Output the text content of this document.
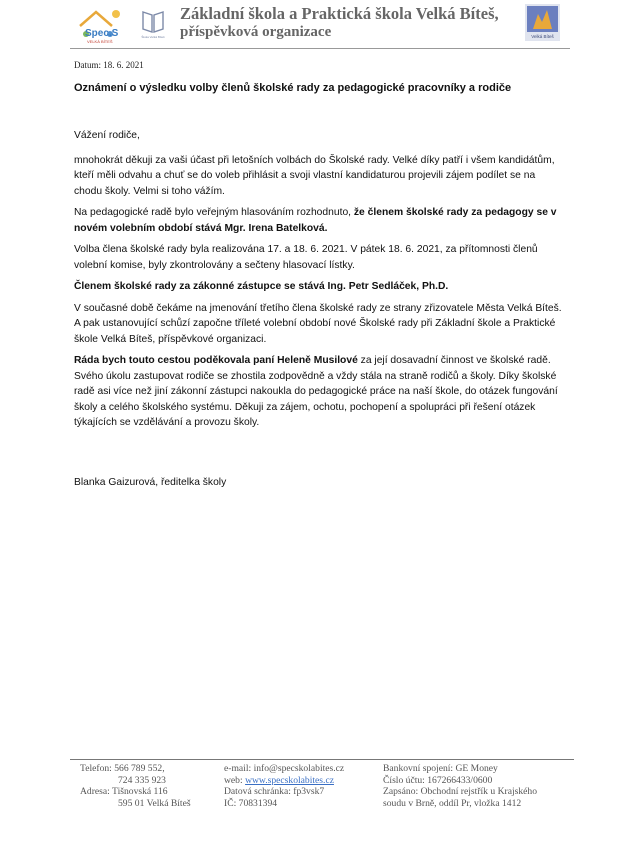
Spec.S
VELKÁ BÍTEŠ
Škola Velká Bíteš
Základní škola a Praktická škola Velká Bíteš,
příspěvková organizace	Velká Bíteš
Datum: 18. 6. 2021
Oznámení o výsledku volby členů školské rady za pedagogické pracovníky a rodiče

Vážení rodiče,

mnohokrát děkuji za vaši účast při letošních volbách do Školské rady. Velké díky patří i všem kandidátům, kteří měli odvahu a chuť se do voleb přihlásit a svoji vlastní kandidaturou projevili zájem podílet se na chodu školy. Velmi si toho vážím.

Na pedagogické radě bylo veřejným hlasováním rozhodnuto, že členem školské rady za pedagogy se v novém volebním období stává Mgr. Irena Batelková.

Volba člena školské rady byla realizována 17. a 18. 6. 2021. V pátek 18. 6. 2021, za přítomnosti členů volební komise, byly zkontrolovány a sečteny hlasovací lístky.

Členem školské rady za zákonné zástupce se stává Ing. Petr Sedláček, Ph.D.

V současné době čekáme na jmenování třetího člena školské rady ze strany zřizovatele Města Velká Bíteš. A pak ustanovující schůzí započne tříleté volební období nové Školské rady při Základní škole a Praktické škole Velká Bíteš, příspěvkové organizaci.

Ráda bych touto cestou poděkovala paní Heleně Musilové za její dosavadní činnost ve školské radě. Svého úkolu zastupovat rodiče se zhostila zodpovědně a vždy stála na straně rodičů a školy. Díky školské radě asi více než jiní zákonní zástupci nakoukla do pedagogické práce na naší škole, do otázek fungování školy a celého školského systému. Děkuji za zájem, ochotu, pochopení a spolupráci při řešení otázek týkajících se vzdělávání a provozu školy.

Blanka Gaizurová, ředitelka školy
Telefon: 566 789 552,
724 335 923
Adresa: Tišnovská 116
595 01 Velká Bíteš
e-mail: info@specskolabites.cz
web: www.specskolabites.cz
Datová schránka: fp3vsk7
IČ: 70831394
Bankovní spojení: GE Money
Číslo účtu: 167266433/0600
Zapsáno: Obchodní rejstřík u Krajského
soudu v Brně, oddíl Pr, vložka 1412
